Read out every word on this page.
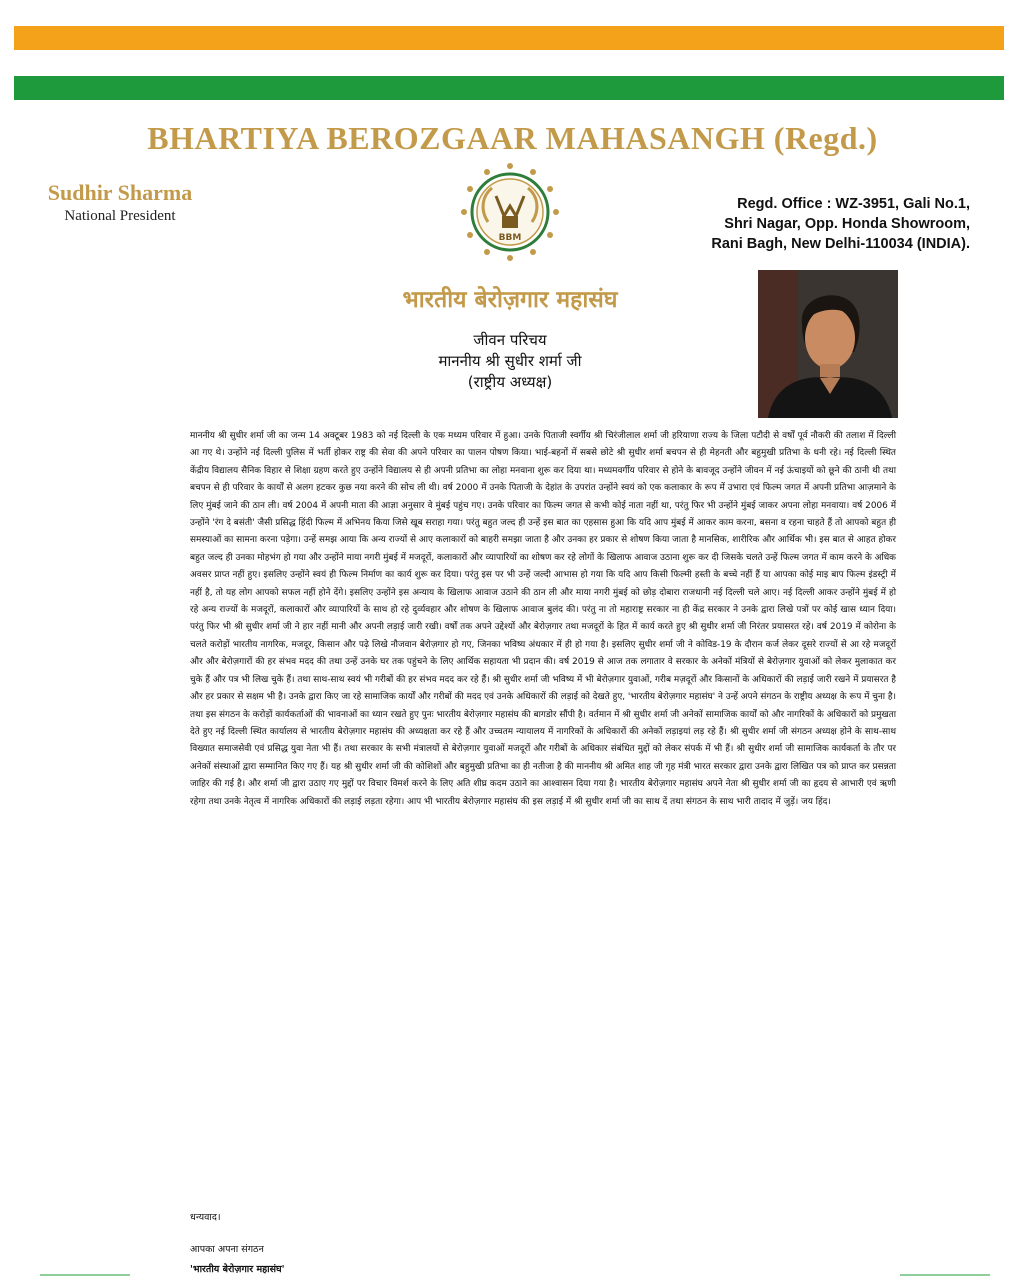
BHARTIYA BEROZGAAR MAHASANGH (Regd.)
Sudhir Sharma
National President
BBM
Regd. Office : WZ-3951, Gali No.1,
Shri Nagar, Opp. Honda Showroom,
Rani Bagh, New Delhi-110034 (INDIA).
भारतीय बेरोज़गार महासंघ
जीवन परिचय
माननीय श्री सुधीर शर्मा जी
(राष्ट्रीय अध्यक्ष)

माननीय श्री सुधीर शर्मा जी का जन्म 14 अक्टूबर 1983 को नई दिल्ली के एक मध्यम परिवार में हुआ। उनके पिताजी स्वर्गीय श्री चिरंजीलाल शर्मा जी हरियाणा राज्य के जिला पटौदी से वर्षों पूर्व नौकरी की तलाश में दिल्ली आ गए थे। उन्होंने नई दिल्ली पुलिस में भर्ती होकर राष्ट्र की सेवा की अपने परिवार का पालन पोषण किया। भाई-बहनों में सबसे छोटे श्री सुधीर शर्मा बचपन से ही मेहनती और बहुमुखी प्रतिभा के धनी रहे। नई दिल्ली स्थित केंद्रीय विद्यालय सैनिक विहार से शिक्षा ग्रहण करते हुए उन्होंने विद्यालय से ही अपनी प्रतिभा का लोहा मनवाना शुरू कर दिया था। मध्यमवर्गीय परिवार से होने के बावजूद उन्होंने जीवन में नई ऊंचाइयों को छूने की ठानी थी तथा बचपन से ही परिवार के कार्यों से अलग हटकर कुछ नया करने की सोच ली थी। वर्ष 2000 में उनके पिताजी के देहांत के उपरांत उन्होंने स्वयं को एक कलाकार के रूप में उभारा एवं फिल्म जगत में अपनी प्रतिभा आज़माने के लिए मुंबई जाने की ठान ली। वर्ष 2004 में अपनी माता की आज्ञा अनुसार वे मुंबई पहुंच गए। उनके परिवार का फिल्म जगत से कभी कोई नाता नहीं था, परंतु फिर भी उन्होंने मुंबई जाकर अपना लोहा मनवाया। वर्ष 2006 में उन्होंने 'रंग दे बसंती' जैसी प्रसिद्ध हिंदी फिल्म में अभिनय किया जिसे खूब सराहा गया। परंतु बहुत जल्द ही उन्हें इस बात का एहसास हुआ कि यदि आप मुंबई में आकर काम करना, बसना व रहना चाहते हैं तो आपको बहुत ही समस्याओं का सामना करना पड़ेगा। उन्हें समझ आया कि अन्य राज्यों से आए कलाकारों को बाहरी समझा जाता है और उनका हर प्रकार से शोषण किया जाता है मानसिक, शारीरिक और आर्थिक भी। इस बात से आहत होकर बहुत जल्द ही उनका मोहभंग हो गया और उन्होंने माया नगरी मुंबई में मजदूरों, कलाकारों और व्यापारियों का शोषण कर रहे लोगों के खिलाफ आवाज उठाना शुरू कर दी जिसके चलते उन्हें फिल्म जगत में काम करने के अधिक अवसर प्राप्त नहीं हुए। इसलिए उन्होंने स्वयं ही फिल्म निर्माण का कार्य शुरू कर दिया। परंतु इस पर भी उन्हें जल्दी आभास हो गया कि यदि आप किसी फिल्मी हस्ती के बच्चे नहीं हैं या आपका कोई माइ बाप फिल्म इंडस्ट्री में नहीं है, तो यह लोग आपको सफल नहीं होने देंगे। इसलिए उन्होंने इस अन्याय के खिलाफ आवाज उठाने की ठान ली और माया नगरी मुंबई को छोड़ दोबारा राजधानी नई दिल्ली चले आए। नई दिल्ली आकर उन्होंने मुंबई में हो रहे अन्य राज्यों के मजदूरों, कलाकारों और व्यापारियों के साथ हो रहे दुर्व्यवहार और शोषण के खिलाफ आवाज बुलंद की। परंतु ना तो महाराष्ट्र सरकार ना ही केंद्र सरकार ने उनके द्वारा लिखे पत्रों पर कोई खास ध्यान दिया। परंतु फिर भी श्री सुधीर शर्मा जी ने हार नहीं मानी और अपनी लड़ाई जारी रखी। वर्षों तक अपने उद्देश्यों और बेरोज़गार तथा मजदूरों के हित में कार्य करते हुए श्री सुधीर शर्मा जी निरंतर प्रयासरत रहे। वर्ष 2019 में कोरोना के चलते करोड़ों भारतीय नागरिक, मजदूर, किसान और पढ़े लिखे नौजवान बेरोज़गार हो गए, जिनका भविष्य अंधकार में ही हो गया है। इसलिए सुधीर शर्मा जी ने कोविड-19 के दौरान कर्ज लेकर दूसरे राज्यों से आ रहे मजदूरों और और बेरोज़गारों की हर संभव मदद की तथा उन्हें उनके घर तक पहुंचने के लिए आर्थिक सहायता भी प्रदान की। वर्ष 2019 से आज तक लगातार वे सरकार के अनेकों मंत्रियों से बेरोज़गार युवाओं को लेकर मुलाकात कर चुके हैं और पत्र भी लिख चुके हैं। तथा साथ-साथ स्वयं भी गरीबों की हर संभव मदद कर रहे हैं। श्री सुधीर शर्मा जी भविष्य में भी बेरोज़गार युवाओं, गरीब मज़दूरों और किसानों के अधिकारों की लड़ाई जारी रखने में प्रयासरत है और हर प्रकार से सक्षम भी है। उनके द्वारा किए जा रहे सामाजिक कार्यों और गरीबों की मदद एवं उनके अधिकारों की लड़ाई को देखते हुए, 'भारतीय बेरोज़गार महासंघ' ने उन्हें अपने संगठन के राष्ट्रीय अध्यक्ष के रूप में चुना है। तथा इस संगठन के करोड़ों कार्यकर्ताओं की भावनाओं का ध्यान रखते हुए पुनः भारतीय बेरोज़गार महासंघ की बागडोर सौंपी है। वर्तमान में श्री सुधीर शर्मा जी अनेकों सामाजिक कार्यों को और नागरिकों के अधिकारों को प्रमुखता देते हुए नई दिल्ली स्थित कार्यालय से भारतीय बेरोज़गार महासंघ की अध्यक्षता कर रहे हैं और उच्चतम न्यायालय में नागरिकों के अधिकारों की अनेकों लड़ाइयां लड़ रहे हैं। श्री सुधीर शर्मा जी संगठन अध्यक्ष होने के साथ-साथ विख्यात समाजसेवी एवं प्रसिद्ध युवा नेता भी हैं। तथा सरकार के सभी मंत्रालयों से बेरोज़गार युवाओं मजदूरों और गरीबों के अधिकार संबंधित मुद्दों को लेकर संपर्क में भी हैं। श्री सुधीर शर्मा जी सामाजिक कार्यकर्ता के तौर पर अनेकों संस्थाओं द्वारा सम्मानित किए गए हैं। यह श्री सुधीर शर्मा जी की कोशिशों और बहुमुखी प्रतिभा का ही नतीजा है की माननीय श्री अमित शाह जी गृह मंत्री भारत सरकार द्वारा उनके द्वारा लिखित पत्र को प्राप्त कर प्रसन्नता जाहिर की गई है। और शर्मा जी द्वारा उठाए गए मुद्दों पर विचार विमर्श करने के लिए अति शीघ्र कदम उठाने का आश्वासन दिया गया है। भारतीय बेरोज़गार महासंघ अपने नेता श्री सुधीर शर्मा जी का हृदय से आभारी एवं ऋणी रहेगा तथा उनके नेतृत्व में नागरिक अधिकारों की लड़ाई लड़ता रहेगा। आप भी भारतीय बेरोज़गार महासंघ की इस लड़ाई में श्री सुधीर शर्मा जी का साथ दें तथा संगठन के साथ भारी तादाद में जुड़ें। जय हिंद।

धन्यवाद।
आपका अपना संगठन
'भारतीय बेरोज़गार महासंघ'
